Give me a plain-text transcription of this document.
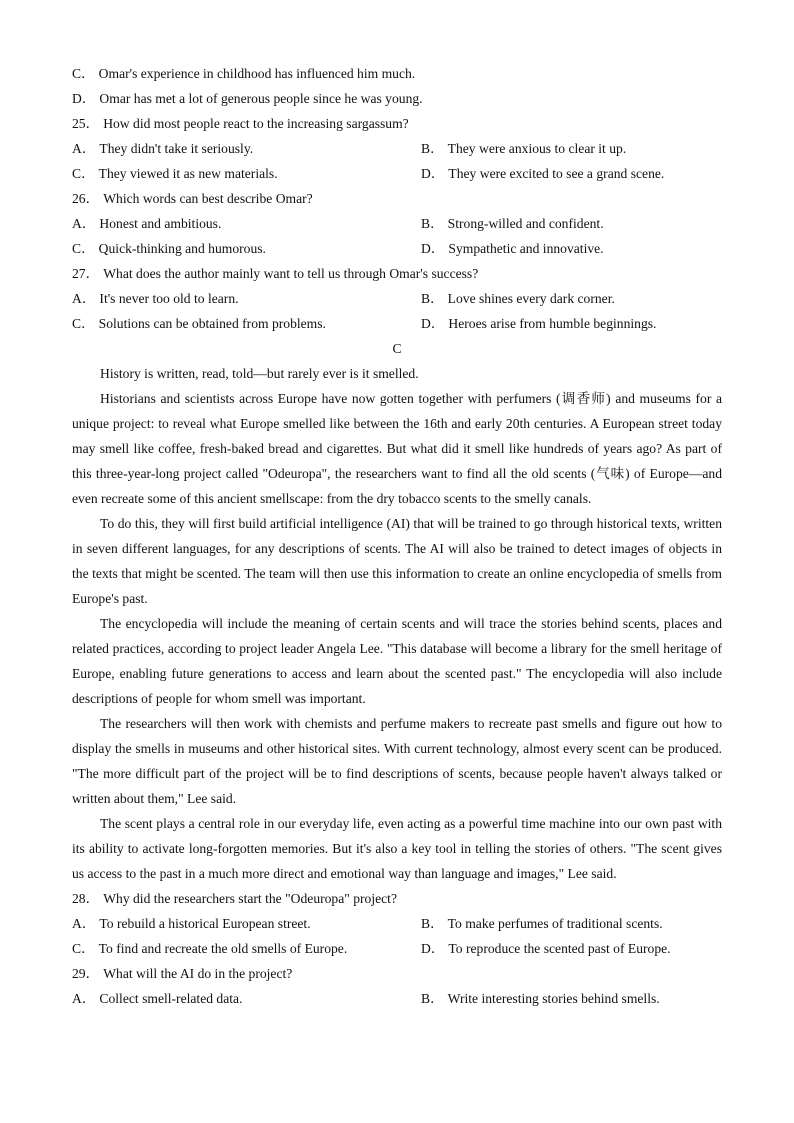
C． Omar's experience in childhood has influenced him much.
D． Omar has met a lot of generous people since he was young.
25． How did most people react to the increasing sargassum?
A． They didn't take it seriously.	B． They were anxious to clear it up.
C． They viewed it as new materials.	D． They were excited to see a grand scene.
26． Which words can best describe Omar?
A． Honest and ambitious.	B． Strong-willed and confident.
C． Quick-thinking and humorous.	D． Sympathetic and innovative.
27． What does the author mainly want to tell us through Omar's success?
A． It's never too old to learn.	B． Love shines every dark corner.
C． Solutions can be obtained from problems.	D． Heroes arise from humble beginnings.
C
History is written, read, told—but rarely ever is it smelled.
Historians and scientists across Europe have now gotten together with perfumers (调香师) and museums for a unique project: to reveal what Europe smelled like between the 16th and early 20th centuries. A European street today may smell like coffee, fresh-baked bread and cigarettes. But what did it smell like hundreds of years ago? As part of this three-year-long project called "Odeuropa", the researchers want to find all the old scents (气味) of Europe—and even recreate some of this ancient smellscape: from the dry tobacco scents to the smelly canals.
To do this, they will first build artificial intelligence (AI) that will be trained to go through historical texts, written in seven different languages, for any descriptions of scents. The AI will also be trained to detect images of objects in the texts that might be scented. The team will then use this information to create an online encyclopedia of smells from Europe's past.
The encyclopedia will include the meaning of certain scents and will trace the stories behind scents, places and related practices, according to project leader Angela Lee. "This database will become a library for the smell heritage of Europe, enabling future generations to access and learn about the scented past." The encyclopedia will also include descriptions of people for whom smell was important.
The researchers will then work with chemists and perfume makers to recreate past smells and figure out how to display the smells in museums and other historical sites. With current technology, almost every scent can be produced. "The more difficult part of the project will be to find descriptions of scents, because people haven't always talked or written about them," Lee said.
The scent plays a central role in our everyday life, even acting as a powerful time machine into our own past with its ability to activate long-forgotten memories. But it's also a key tool in telling the stories of others. "The scent gives us access to the past in a much more direct and emotional way than language and images," Lee said.
28． Why did the researchers start the "Odeuropa" project?
A． To rebuild a historical European street.	B． To make perfumes of traditional scents.
C． To find and recreate the old smells of Europe.	D． To reproduce the scented past of Europe.
29． What will the AI do in the project?
A． Collect smell-related data.	B． Write interesting stories behind smells.
